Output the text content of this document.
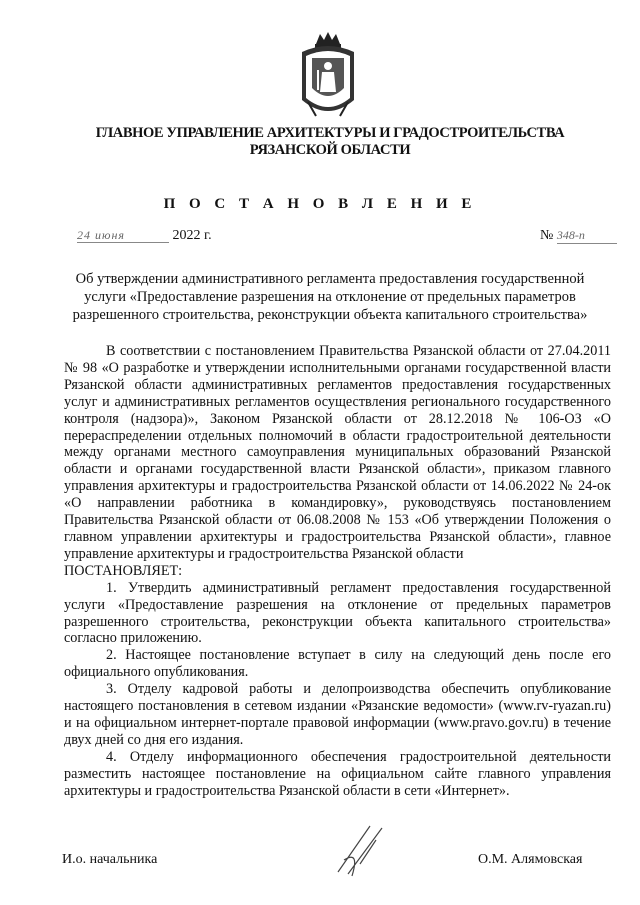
ГЛАВНОЕ УПРАВЛЕНИЕ АРХИТЕКТУРЫ И ГРАДОСТРОИТЕЛЬСТВА
РЯЗАНСКОЙ ОБЛАСТИ
П О С Т А Н О В Л Е Н И Е
24 июня	2022 г.	№ 348-п
Об утверждении административного регламента предоставления государственной услуги «Предоставление разрешения на отклонение от предельных параметров разрешенного строительства, реконструкции объекта капитального строительства»

В соответствии с постановлением Правительства Рязанской области от 27.04.2011 № 98 «О разработке и утверждении исполнительными органами государственной власти Рязанской области административных регламентов предоставления государственных услуг и административных регламентов осуществления регионального государственного контроля (надзора)», Законом Рязанской области от 28.12.2018 № 106-ОЗ «О перераспределении отдельных полномочий в области градостроительной деятельности между органами местного самоуправления муниципальных образований Рязанской области и органами государственной власти Рязанской области», приказом главного управления архитектуры и градостроительства Рязанской области от 14.06.2022 № 24-ок «О направлении работника в командировку», руководствуясь постановлением Правительства Рязанской области от 06.08.2008 № 153 «Об утверждении Положения о главном управлении архитектуры и градостроительства Рязанской области», главное управление архитектуры и градостроительства Рязанской области

ПОСТАНОВЛЯЕТ:

1. Утвердить административный регламент предоставления государственной услуги «Предоставление разрешения на отклонение от предельных параметров разрешенного строительства, реконструкции объекта капитального строительства» согласно приложению.

2. Настоящее постановление вступает в силу на следующий день после его официального опубликования.

3. Отделу кадровой работы и делопроизводства обеспечить опубликование настоящего постановления в сетевом издании «Рязанские ведомости» (www.rv-ryazan.ru) и на официальном интернет-портале правовой информации (www.pravo.gov.ru) в течение двух дней со дня его издания.

4. Отделу информационного обеспечения градостроительной деятельности разместить настоящее постановление на официальном сайте главного управления архитектуры и градостроительства Рязанской области в сети «Интернет».

И.о. начальника	О.М. Алямовская
